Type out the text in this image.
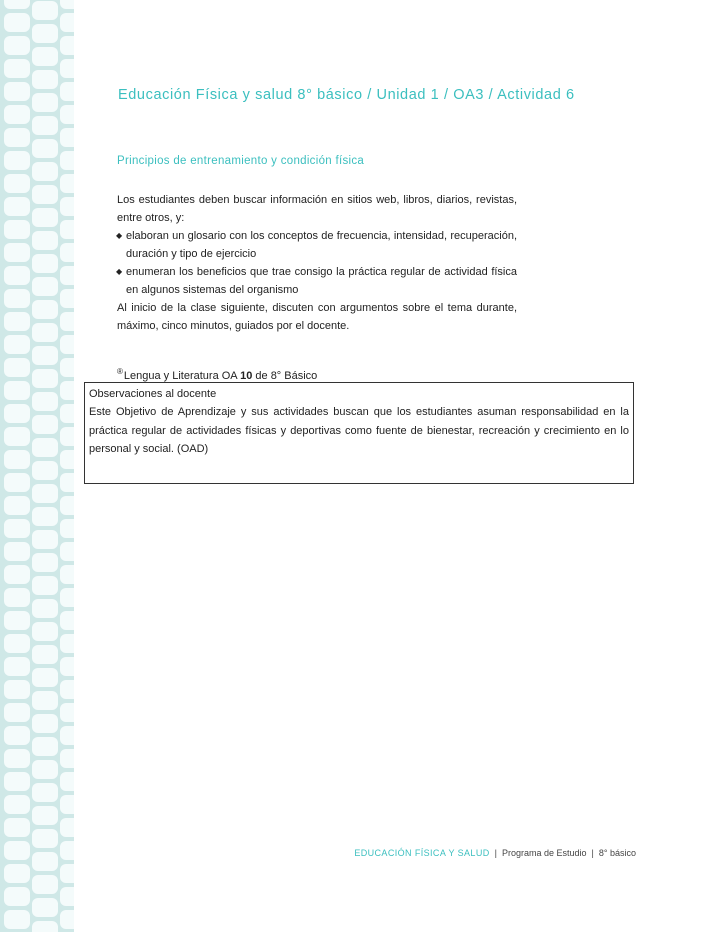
Educación Física y salud 8° básico / Unidad 1 / OA3 / Actividad 6
Principios de entrenamiento y condición física

Los estudiantes deben buscar información en sitios web, libros, diarios, revistas, entre otros, y:

◆ elaboran un glosario con los conceptos de frecuencia, intensidad, recuperación, duración y tipo de ejercicio
◆ enumeran los beneficios que trae consigo la práctica regular de actividad física en algunos sistemas del organismo

Al inicio de la clase siguiente, discuten con argumentos sobre el tema durante, máximo, cinco minutos, guiados por el docente.

®Lengua y Literatura OA 10 de 8° Básico
Observaciones al docente

Este Objetivo de Aprendizaje y sus actividades buscan que los estudiantes asuman responsabilidad en la práctica regular de actividades físicas y deportivas como fuente de bienestar, recreación y crecimiento en lo personal y social. (OAD)

EDUCACIÓN FÍSICA Y SALUD | Programa de Estudio | 8° básico
